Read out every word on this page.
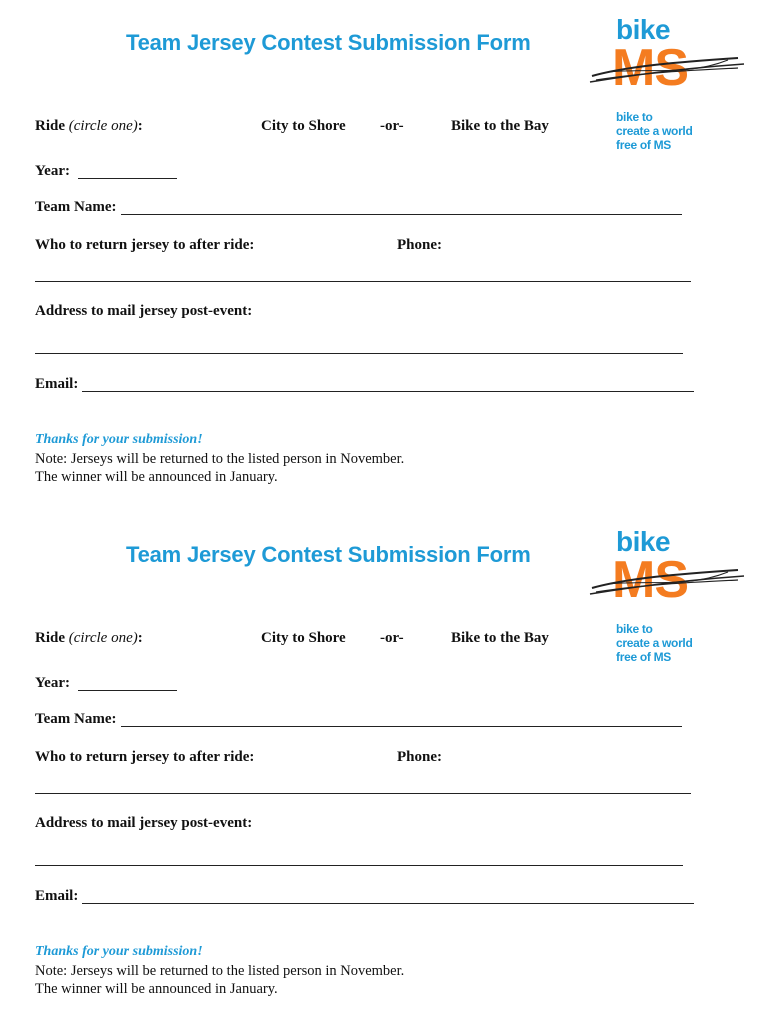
Team Jersey Contest Submission Form	bike
MS
bike to
create a world
free of MS
Ride (circle one):	City to Shore -or-	Bike to the Bay
Year:
Team Name:
Who to return jersey to after ride:	Phone:
Address to mail jersey post-event:
Email:
Thanks for your submission!
Note: Jerseys will be returned to the listed person in November.
The winner will be announced in January.
Team Jersey Contest Submission Form	bike
MS
bike to
create a world
free of MS
Ride (circle one):	City to Shore -or-	Bike to the Bay
Year:
Team Name:
Who to return jersey to after ride:	Phone:
Address to mail jersey post-event:
Email:
Thanks for your submission!
Note: Jerseys will be returned to the listed person in November.
The winner will be announced in January.
